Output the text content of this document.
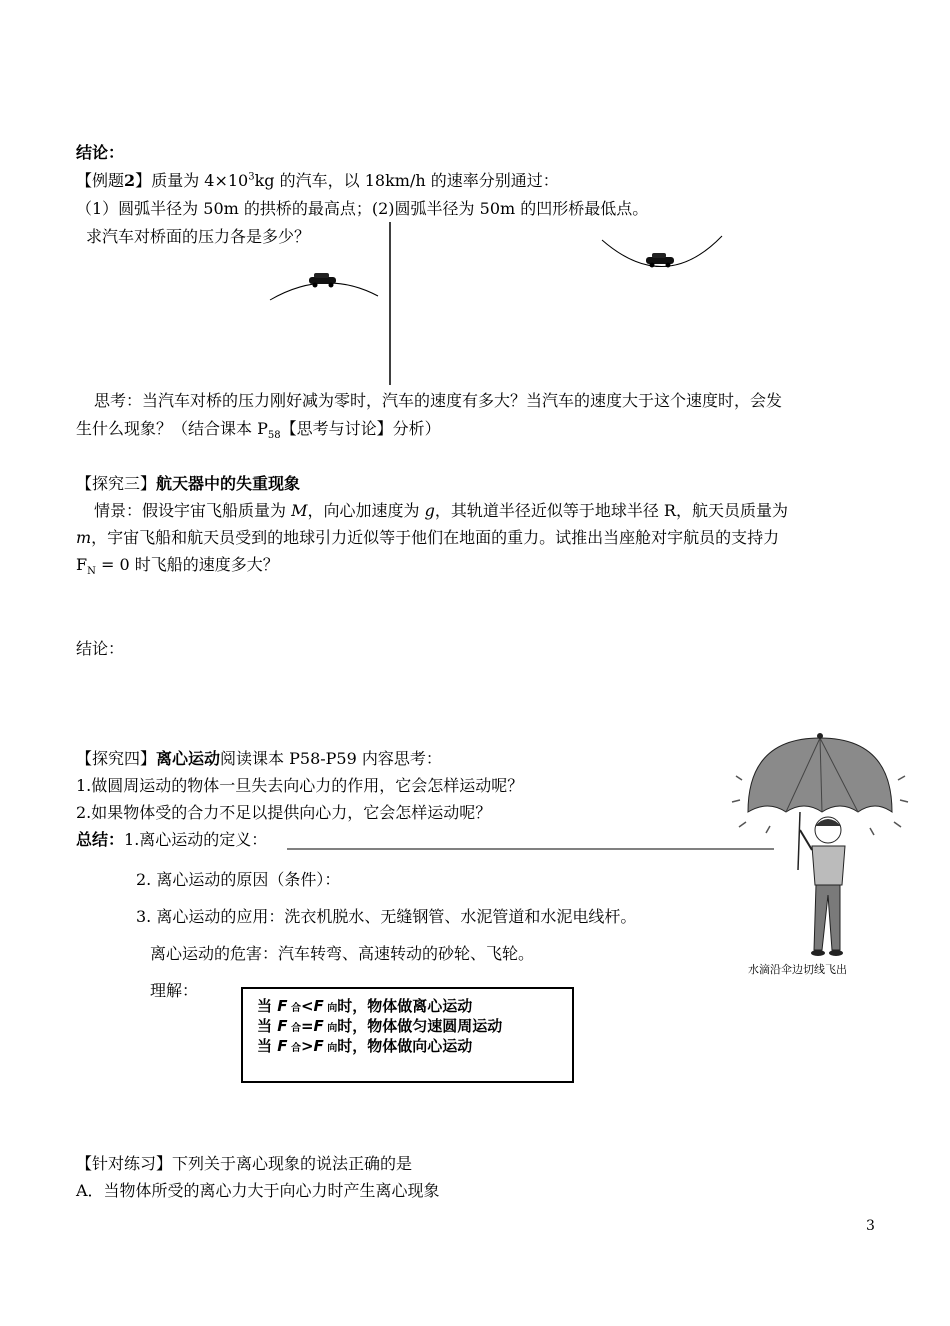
结论：
【例题2】质量为 $4\times 10^3kg$ 的汽车，以 18km/h 的速率分别通过：
（1）圆弧半径为 50m 的拱桥的最高点；(2)圆弧半径为 50m 的凹形桥最低点。
求汽车对桥面的压力各是多少？
思考：当汽车对桥的压力刚好减为零时，汽车的速度有多大？当汽车的速度大于这个速度时，会发
生什么现象？（结合课本 $P_{58}$【思考与讨论】分析）
【探究三】航天器中的失重现象
情景：假设宇宙飞船质量为 M，向心加速度为 g，其轨道半径近似等于地球半径 R，航天员质量为
m，宇宙飞船和航天员受到的地球引力近似等于他们在地面的重力。试推出当座舱对宇航员的支持力
$F_N = 0$ 时飞船的速度多大？
结论：
【探究四】离心运动阅读课本 P58-P59 内容思考：
1.做圆周运动的物体一旦失去向心力的作用，它会怎样运动呢？
2.如果物体受的合力不足以提供向心力，它会怎样运动呢？
总结：1.离心运动的定义：
2. 离心运动的原因（条件）：
3. 离心运动的应用：洗衣机脱水、无缝钢管、水泥管道和水泥电线杆。
离心运动的危害：汽车转弯、高速转动的砂轮、飞轮。
理解：
水滴沿伞边切线飞出
当 F 合<F 向时，物体做离心运动
当 F 合=F 向时，物体做匀速圆周运动
当 F 合>F 向时，物体做向心运动
【针对练习】下列关于离心现象的说法正确的是
A．当物体所受的离心力大于向心力时产生离心现象
3
